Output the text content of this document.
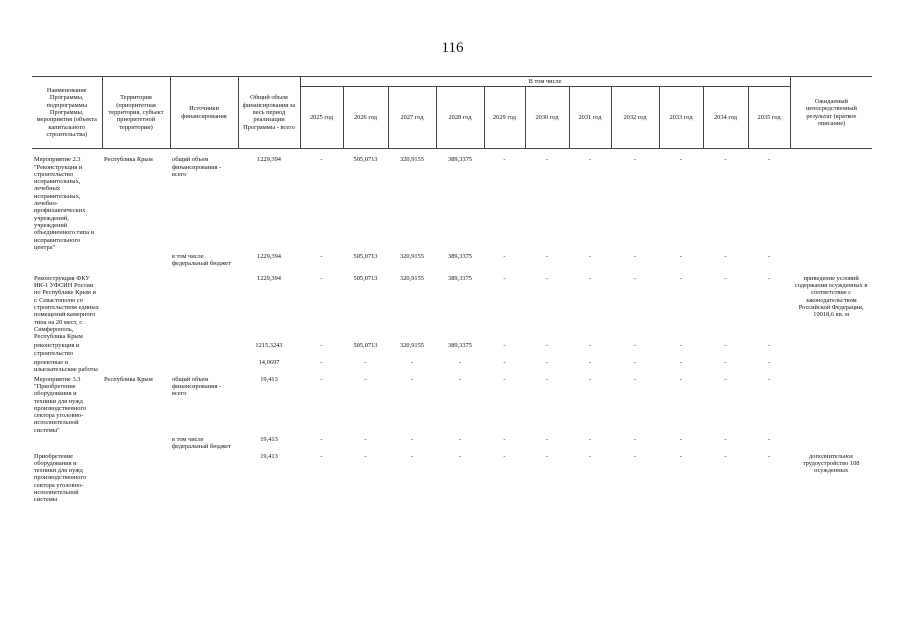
116
Наименование Программы, подпрограммы Программы, мероприятия (объекта капитального строительства)	Территория (приоритетная территория, субъект приоритетной территории)	Источники финансирования	Общий объем финансирования за весь период реализации Программы - всего	В том числе											Ожидаемый непосредственный результат (краткое описание)
				2025 год	2026 год	2027 год	2028 год	2029 год	2030 год	2031 год	2032 год	2033 год	2034 год	2035 год	

Мероприятие 2.3 "Реконструкция и строительство исправительных, лечебных исправительных, лечебно-профилактических учреждений, учреждений объединенного типа и исправительного центра"	Республика Крым	общий объем финансирования - всего	1229,394	-	505,0713	320,9155	389,3375	-	-	-	-	-	-	-	
		в том числе федеральный бюджет	1229,394	-	505,0713	320,9155	389,3375	-	-	-	-	-	-	-	

Реконструкция ФКУ ИК-1 УФСИН России по Республике Крым и г. Севастополю со строительством единых помещений камерного типа на 20 мест, г. Симферополь, Республика Крым			1229,394	-	505,0713	320,9155	389,3375	-	-	-	-	-	-	-	приведение условий содержания осужденных в соответствие с законодательством Российской Федерации, 10018,6 кв. м
реконструкция и строительство			1215,3243	-	505,0713	320,9155	389,3375	-	-	-	-	-	-	-	
проектные и изыскательские работы			14,0697	-	-	-	-	-	-	-	-	-	-	-	
Мероприятие 3.3 "Приобретение оборудования и техники для нужд производственного сектора уголовно-исполнительной системы"	Республика Крым	общий объем финансирования - всего	19,413	-	-	-	-	-	-	-	-	-	-	-	
		в том числе федеральный бюджет	19,413	-	-	-	-	-	-	-	-	-	-	-	
Приобретение оборудования и техники для нужд производственного сектора уголовно-исполнительной системы			19,413	-	-	-	-	-	-	-	-	-	-	-	дополнительное трудоустройство 108 осужденных
